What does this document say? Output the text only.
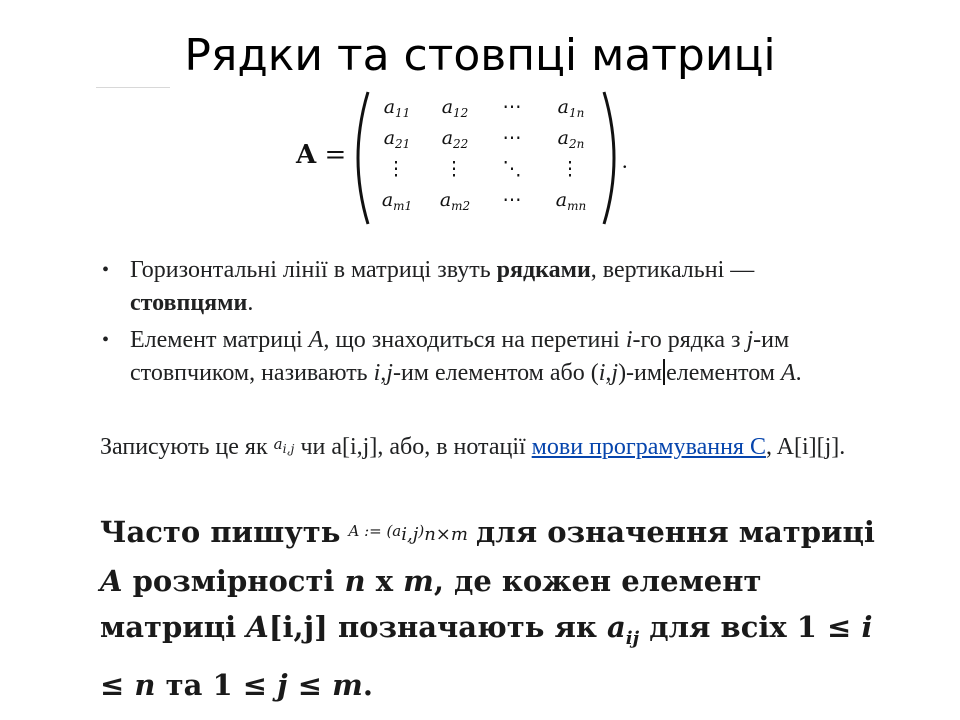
Рядки та стовпці матриці
A =
$a_{11}$	$a_{12}$	⋯	$a_{1n}$
$a_{21}$	$a_{22}$	⋯	$a_{2n}$
⋮	⋮	⋱	⋮
$a_{m1}$	$a_{m2}$	⋯	$a_{mn}$
.
• Горизонтальні лінії в матриці звуть рядками, вертикальні — стовпцями.
• Елемент матриці A, що знаходиться на перетині i-го рядка з j-им стовпчиком, називають i,j-им елементом або (i,j)-им елементом A.
Записують це як $^{a_{i,j}}$ чи a[i,j], або, в нотації мови програмування C, A[i][j].
Часто пишуть $^{A := (a_{i,j})_{n\times m}}$ для означення матриці A розмірності n x m, де кожен елемент матриці A[i,j] позначають як $a_{ij}$ для всіх 1 ≤ i ≤ n та 1 ≤ j ≤ m.
